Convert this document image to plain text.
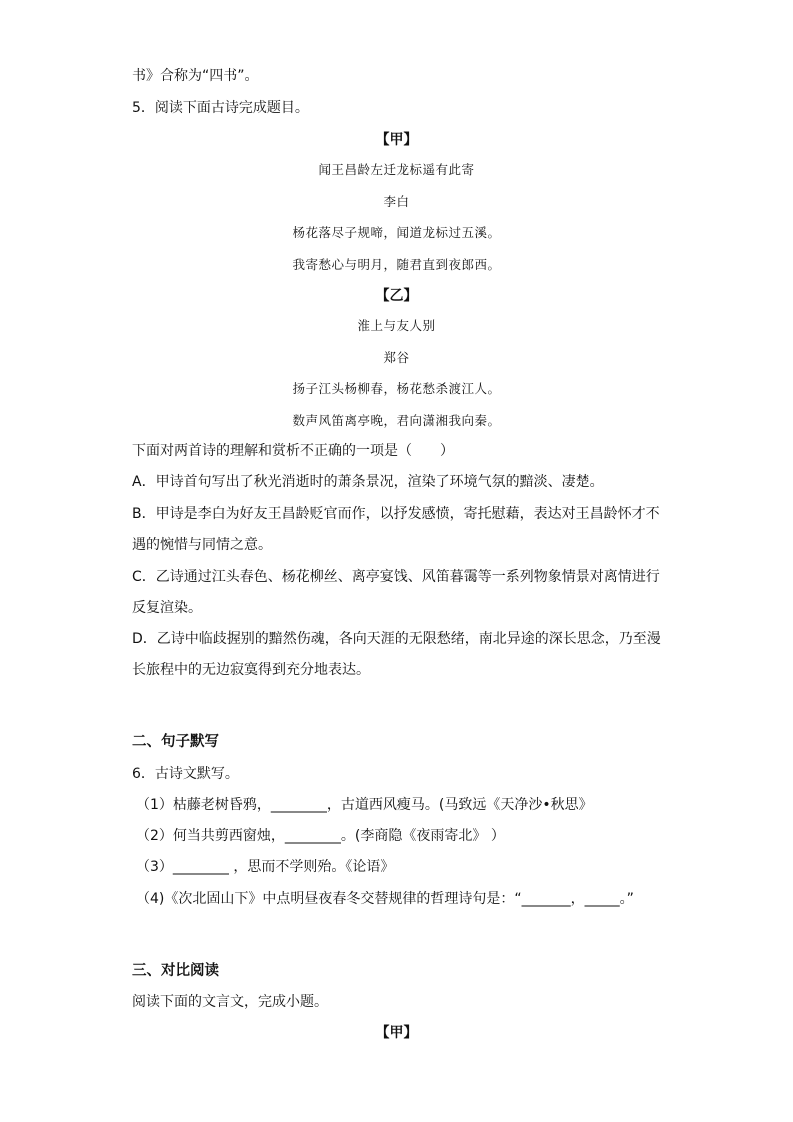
书》合称为“四书”。
5．阅读下面古诗完成题目。
【甲】
闻王昌龄左迁龙标遥有此寄
李白
杨花落尽子规啼，闻道龙标过五溪。
我寄愁心与明月，随君直到夜郎西。
【乙】
淮上与友人别
郑谷
扬子江头杨柳春，杨花愁杀渡江人。
数声风笛离亭晚，君向潇湘我向秦。
下面对两首诗的理解和赏析不正确的一项是（　　）
A．甲诗首句写出了秋光消逝时的萧条景况，渲染了环境气氛的黯淡、凄楚。
B．甲诗是李白为好友王昌龄贬官而作，以抒发感愤，寄托慰藉，表达对王昌龄怀才不
遇的惋惜与同情之意。
C．乙诗通过江头春色、杨花柳丝、离亭宴饯、风笛暮霭等一系列物象情景对离情进行
反复渲染。
D．乙诗中临歧握别的黯然伤魂，各向天涯的无限愁绪，南北异途的深长思念，乃至漫
长旅程中的无边寂寞得到充分地表达。
二、句子默写
6．古诗文默写。
（1）枯藤老树昏鸦，________，古道西风瘦马。(马致远《天净沙•秋思》
（2）何当共剪西窗烛，________。(李商隐《夜雨寄北》 ）
（3）________ ，思而不学则殆。《论语》
（4)《次北固山下》中点明昼夜春冬交替规律的哲理诗句是：“_______，_____。”
三、对比阅读
阅读下面的文言文，完成小题。
【甲】
